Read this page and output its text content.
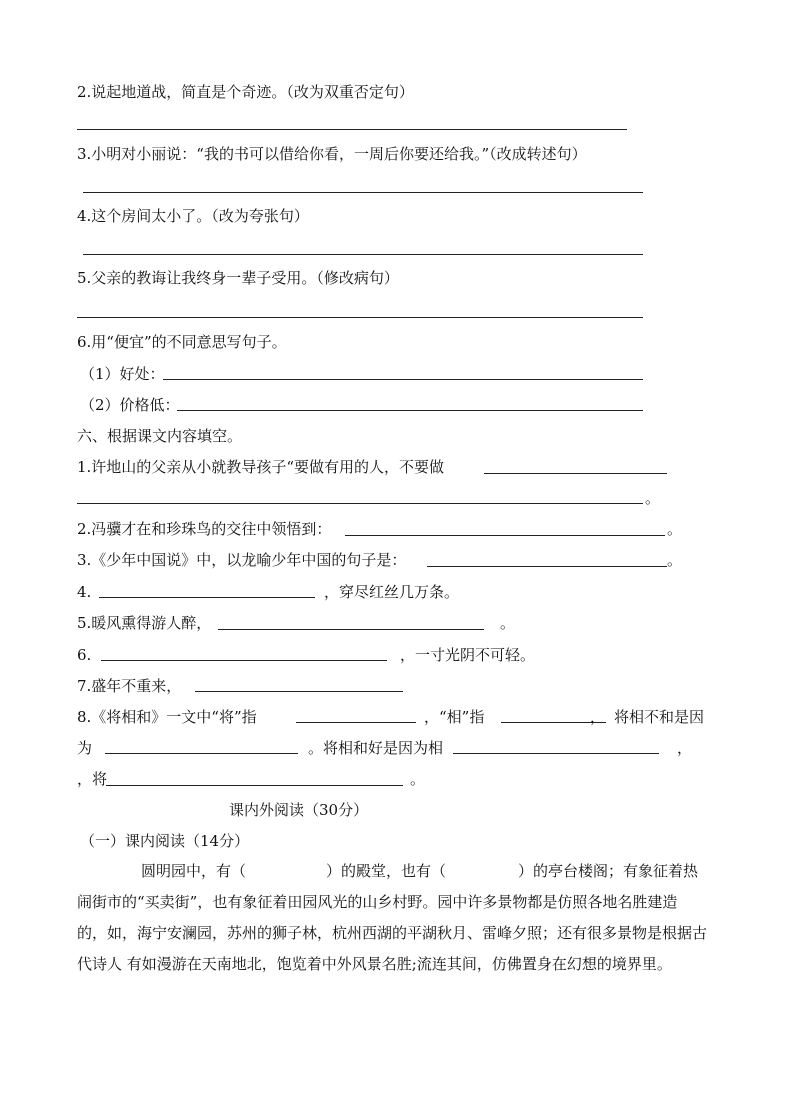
2.说起地道战，简直是个奇迹。（改为双重否定句）
3.小明对小丽说：“我的书可以借给你看，一周后你要还给我。”（改成转述句）
4.这个房间太小了。（改为夸张句）
5.父亲的教诲让我终身一辈子受用。（修改病句）
6.用“便宜”的不同意思写句子。
（1）好处：
（2）价格低：
六、根据课文内容填空。
1.许地山的父亲从小就教导孩子“要做有用的人，不要做
。
2.冯骥才在和珍珠鸟的交往中领悟到：	。
3.《少年中国说》中，以龙喻少年中国的句子是：	。
4.	，穿尽红丝几万条。
5.暖风熏得游人醉，	。
6.	，一寸光阴不可轻。
7.盛年不重来，
8.《将相和》一文中“将”指	，“相”指	， 将相不和是因
为	。将相和好是因为相	，
，将	。
课内外阅读（30分）
（一）课内阅读（14分）
圆明园中，有（	）的殿堂，也有（	）的亭台楼阁；有象征着热闹街市的“买卖街”，也有象征着田园风光的山乡村野。园中许多景物都是仿照各地名胜建造的，如，海宁安澜园，苏州的狮子林，杭州西湖的平湖秋月、雷峰夕照；还有很多景物是根据古代诗人 有如漫游在天南地北，饱览着中外风景名胜;流连其间，仿佛置身在幻想的境界里。
